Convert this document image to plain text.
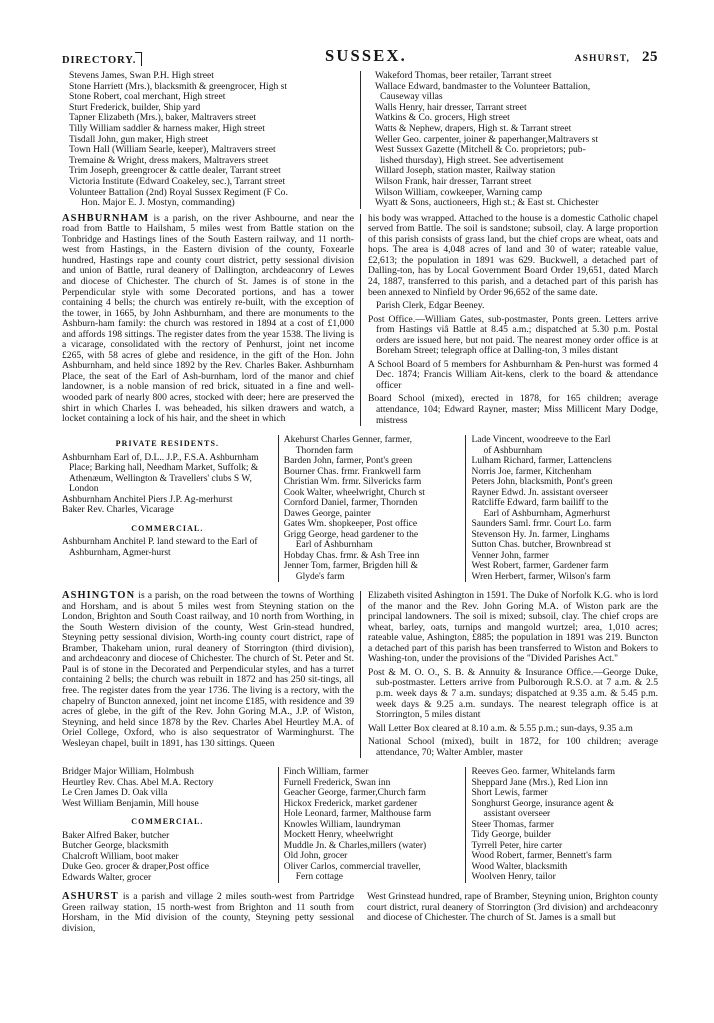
DIRECTORY.	SUSSEX.	ASHURST, 25

Stevens James, Swan P.H. High street

Stone Harriett (Mrs.), blacksmith & greengrocer, High st

Stone Robert, coal merchant, High street

Sturt Frederick, builder, Ship yard

Tapner Elizabeth (Mrs.), baker, Maltravers street

Tilly William saddler & harness maker, High street

Tisdall John, gun maker, High street

Town Hall (William Searle, keeper), Maltravers street

Tremaine & Wright, dress makers, Maltravers street

Trim Joseph, greengrocer & cattle dealer, Tarrant street

Victoria Institute (Edward Coakeley, sec.), Tarrant street

Volunteer Battalion (2nd) Royal Sussex Regiment (F Co.

Hon. Major E. J. Mostyn, commanding)

Wakeford Thomas, beer retailer, Tarrant street

Wallace Edward, bandmaster to the Volunteer Battalion,

Causeway villas

Walls Henry, hair dresser, Tarrant street

Watkins & Co. grocers, High street

Watts & Nephew, drapers, High st. & Tarrant street

Weller Geo. carpenter, joiner & paperhanger,Maltravers st

West Sussex Gazette (Mitchell & Co. proprietors; pub-

lished thursday), High street. See advertisement

Willard Joseph, station master, Railway station

Wilson Frank, hair dresser, Tarrant street

Wilson William, cowkeeper, Warning camp

Wyatt & Sons, auctioneers, High st.; & East st. Chichester

ASHBURNHAM is a parish, on the river Ashbourne, and near the road from Battle to Hailsham, 5 miles west from Battle station on the Tonbridge and Hastings lines of the South Eastern railway, and 11 north-west from Hastings, in the Eastern division of the county, Foxearle hundred, Hastings rape and county court district, petty sessional division and union of Battle, rural deanery of Dallington, archdeaconry of Lewes and diocese of Chichester. The church of St. James is of stone in the Perpendicular style with some Decorated portions, and has a tower containing 4 bells; the church was entirely re-built, with the exception of the tower, in 1665, by John Ashburnham, and there are monuments to the Ashburn-ham family: the church was restored in 1894 at a cost of £1,000 and affords 198 sittings. The register dates from the year 1538. The living is a vicarage, consolidated with the rectory of Penhurst, joint net income £265, with 58 acres of glebe and residence, in the gift of the Hon. John Ashburnham, and held since 1892 by the Rev. Charles Baker. Ashburnham Place, the seat of the Earl of Ash-burnham, lord of the manor and chief landowner, is a noble mansion of red brick, situated in a fine and well-wooded park of nearly 800 acres, stocked with deer; here are preserved the shirt in which Charles I. was beheaded, his silken drawers and watch, a locket containing a lock of his hair, and the sheet in which

his body was wrapped. Attached to the house is a domestic Catholic chapel served from Battle. The soil is sandstone; subsoil, clay. A large proportion of this parish consists of grass land, but the chief crops are wheat, oats and hops. The area is 4,048 acres of land and 30 of water; rateable value, £2,613; the population in 1891 was 629. Buckwell, a detached part of Dalling-ton, has by Local Government Board Order 19,651, dated March 24, 1887, transferred to this parish, and a detached part of this parish has been annexed to Ninfield by Order 96,652 of the same date.

Parish Clerk, Edgar Beeney.

Post Office.—William Gates, sub-postmaster, Ponts green. Letters arrive from Hastings viâ Battle at 8.45 a.m.; dispatched at 5.30 p.m. Postal orders are issued here, but not paid. The nearest money order office is at Boreham Street; telegraph office at Dalling-ton, 3 miles distant

A School Board of 5 members for Ashburnham & Pen-hurst was formed 4 Dec. 1874; Francis William Ait-kens, clerk to the board & attendance officer

Board School (mixed), erected in 1878, for 165 children; average attendance, 104; Edward Rayner, master; Miss Millicent Mary Dodge, mistress

PRIVATE RESIDENTS.

Ashburnham Earl of, D.L.. J.P., F.S.A. Ashburnham Place; Barking hall, Needham Market, Suffolk; & Athenæum, Wellington & Travellers' clubs S W, London

Ashburnham Anchitel Piers J.P. Ag-merhurst

Baker Rev. Charles, Vicarage

COMMERCIAL.

Ashburnham Anchitel P. land steward to the Earl of Ashburnham, Agmer-hurst

Akehurst Charles Genner, farmer,

Thornden farm

Barden John, farmer, Pont's green

Bourner Chas. frmr. Frankwell farm

Christian Wm. frmr. Silvericks farm

Cook Walter, wheelwright, Church st

Cornford Daniel, farmer, Thornden

Dawes George, painter

Gates Wm. shopkeeper, Post office

Grigg George, head gardener to the

Earl of Ashburnham

Hobday Chas. frmr. & Ash Tree inn

Jenner Tom, farmer, Brigden hill &

Glyde's farm

Lade Vincent, woodreeve to the Earl

of Ashburnham

Lulham Richard, farmer, Lattenclens

Norris Joe, farmer, Kitchenham

Peters John, blacksmith, Pont's green

Rayner Edwd. Jn. assistant overseer

Ratcliffe Edward, farm bailiff to the

Earl of Ashburnham, Agmerhurst

Saunders Saml. frmr. Court Lo. farm

Stevenson Hy. Jn. farmer, Linghams

Sutton Chas. butcher, Brownbread st

Venner John, farmer

West Robert, farmer, Gardener farm

Wren Herbert, farmer, Wilson's farm

ASHINGTON is a parish, on the road between the towns of Worthing and Horsham, and is about 5 miles west from Steyning station on the London, Brighton and South Coast railway, and 10 north from Worthing, in the South Western division of the county, West Grin-stead hundred, Steyning petty sessional division, Worth-ing county court district, rape of Bramber, Thakeham union, rural deanery of Storrington (third division), and archdeaconry and diocese of Chichester. The church of St. Peter and St. Paul is of stone in the Decorated and Perpendicular styles, and has a turret containing 2 bells; the church was rebuilt in 1872 and has 250 sit-tings, all free. The register dates from the year 1736. The living is a rectory, with the chapelry of Buncton annexed, joint net income £185, with residence and 39 acres of glebe, in the gift of the Rev. John Goring M.A., J.P. of Wiston, Steyning, and held since 1878 by the Rev. Charles Abel Heurtley M.A. of Oriel College, Oxford, who is also sequestrator of Warminghurst. The Wesleyan chapel, built in 1891, has 130 sittings. Queen

Elizabeth visited Ashington in 1591. The Duke of Norfolk K.G. who is lord of the manor and the Rev. John Goring M.A. of Wiston park are the principal landowners. The soil is mixed; subsoil, clay. The chief crops are wheat, barley, oats, turnips and mangold wurtzel; area, 1,010 acres; rateable value, Ashington, £885; the population in 1891 was 219. Buncton a detached part of this parish has been transferred to Wiston and Bokers to Washing-ton, under the provisions of the "Divided Parishes Act."

Post & M. O. O., S. B. & Annuity & Insurance Office.—George Duke, sub-postmaster. Letters arrive from Pulborough R.S.O. at 7 a.m. & 2.5 p.m. week days & 7 a.m. sundays; dispatched at 9.35 a.m. & 5.45 p.m. week days & 9.25 a.m. sundays. The nearest telegraph office is at Storrington, 5 miles distant

Wall Letter Box cleared at 8.10 a.m. & 5.55 p.m.; sun-days, 9.35 a.m

National School (mixed), built in 1872, for 100 children; average attendance, 70; Walter Ambler, master

Bridger Major William, Holmbush

Heurtley Rev. Chas. Abel M.A. Rectory

Le Cren James D. Oak villa

West William Benjamin, Mill house

COMMERCIAL.

Baker Alfred Baker, butcher

Butcher George, blacksmith

Chalcroft William, boot maker

Duke Geo. grocer & draper,Post office

Edwards Walter, grocer

Finch William, farmer

Furnell Frederick, Swan inn

Geacher George, farmer,Church farm

Hickox Frederick, market gardener

Hole Leonard, farmer, Malthouse farm

Knowles William, laundryman

Mockett Henry, wheelwright

Muddle Jn. & Charles,millers (water)

Old John, grocer

Oliver Carlos, commercial traveller,

Fern cottage

Reeves Geo. farmer, Whitelands farm

Sheppard Jane (Mrs.), Red Lion inn

Short Lewis, farmer

Songhurst George, insurance agent &

assistant overseer

Steer Thomas, farmer

Tidy George, builder

Tyrrell Peter, hire carter

Wood Robert, farmer, Bennett's farm

Wood Walter, blacksmith

Woolven Henry, tailor

ASHURST is a parish and village 2 miles south-west from Partridge Green railway station, 15 north-west from Brighton and 11 south from Horsham, in the Mid division of the county, Steyning petty sessional division,

West Grinstead hundred, rape of Bramber, Steyning union, Brighton county court district, rural deanery of Storrington (3rd division) and archdeaconry and diocese of Chichester. The church of St. James is a small but
